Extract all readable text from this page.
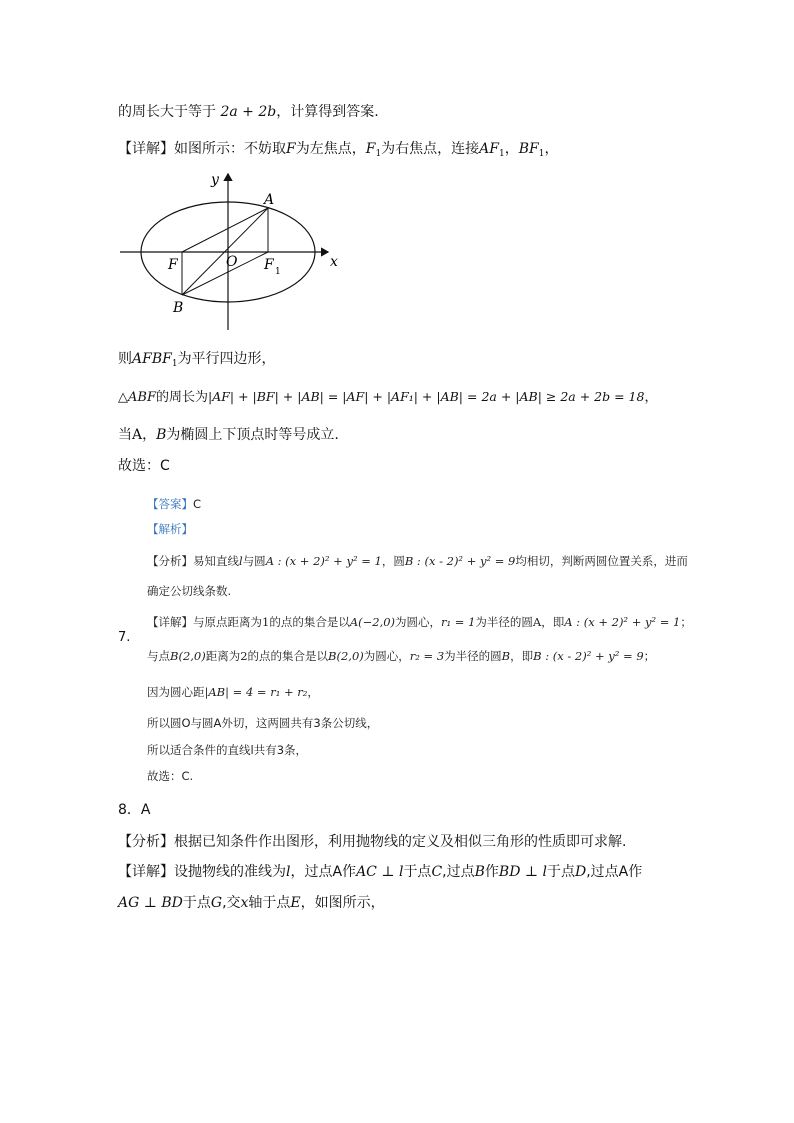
的周长大于等于 2a + 2b，计算得到答案.
【详解】如图所示：不妨取F为左焦点，$F_1$为右焦点，连接$AF_1$，$BF_1$，
y
x
A
B
F	O F 1
则$AFBF_1$为平行四边形，
△ABF的周长为|AF| + |BF| + |AB| = |AF| + |AF₁| + |AB| = 2a + |AB| ≥ 2a + 2b = 18，
当A，B为椭圆上下顶点时等号成立.
故选：C
7.
【答案】C
【解析】
【分析】易知直线l与圆A : (x + 2)² + y² = 1，圆B : (x - 2)² + y² = 9均相切，判断两圆位置关系，进而
确定公切线条数.
【详解】与原点距离为1的点的集合是以A(−2,0)为圆心，r₁ = 1为半径的圆A，即A : (x + 2)² + y² = 1；
与点B(2,0)距离为2的点的集合是以B(2,0)为圆心，r₂ = 3为半径的圆B，即B : (x - 2)² + y² = 9；
因为圆心距|AB| = 4 = r₁ + r₂，
所以圆O与圆A外切，这两圆共有3条公切线，
所以适合条件的直线l共有3条，
故选：C.
8．A
【分析】根据已知条件作出图形，利用抛物线的定义及相似三角形的性质即可求解.
【详解】设抛物线的准线为l，过点A作AC ⊥ l于点C,过点B作BD ⊥ l于点D,过点A作
AG ⊥ BD于点G,交x轴于点E，如图所示，
